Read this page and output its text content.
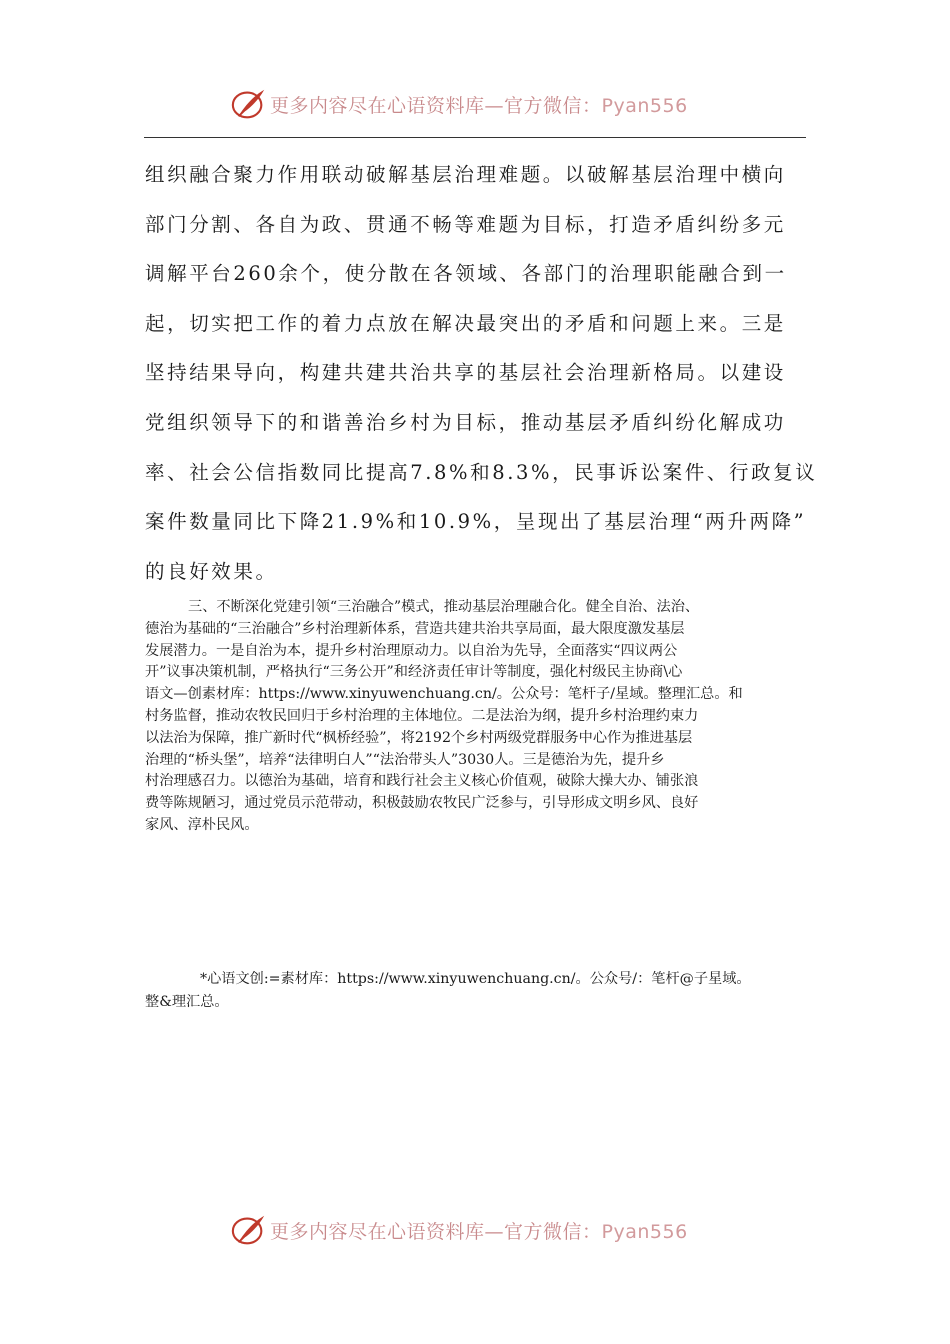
更多内容尽在心语资料库—官方微信：Pyan556

组织融合聚力作用联动破解基层治理难题。以破解基层治理中横向
部门分割、各自为政、贯通不畅等难题为目标，打造矛盾纠纷多元
调解平台260余个，使分散在各领域、各部门的治理职能融合到一
起，切实把工作的着力点放在解决最突出的矛盾和问题上来。三是
坚持结果导向，构建共建共治共享的基层社会治理新格局。以建设
党组织领导下的和谐善治乡村为目标，推动基层矛盾纠纷化解成功
率、社会公信指数同比提高7.8%和8.3%，民事诉讼案件、行政复议
案件数量同比下降21.9%和10.9%，呈现出了基层治理“两升两降”
的良好效果。

三、不断深化党建引领“三治融合”模式，推动基层治理融合化。健全自治、法治、
德治为基础的“三治融合”乡村治理新体系，营造共建共治共享局面，最大限度激发基层
发展潜力。一是自治为本，提升乡村治理原动力。以自治为先导，全面落实“四议两公
开”议事决策机制，严格执行“三务公开”和经济责任审计等制度，强化村级民主协商\心
语文—创素材库：https://www.xinyuwenchuang.cn/。公众号：笔杆子/星域。整理汇总。和
村务监督，推动农牧民回归于乡村治理的主体地位。二是法治为纲，提升乡村治理约束力
以法治为保障，推广新时代“枫桥经验”，将2192个乡村两级党群服务中心作为推进基层
治理的“桥头堡”，培养“法律明白人”“法治带头人”3030人。三是德治为先，提升乡
村治理感召力。以德治为基础，培育和践行社会主义核心价值观，破除大操大办、铺张浪
费等陈规陋习，通过党员示范带动，积极鼓励农牧民广泛参与，引导形成文明乡风、良好
家风、淳朴民风。

*心语文创:=素材库：https://www.xinyuwenchuang.cn/。公众号/：笔杆@子星域。
整&理汇总。

更多内容尽在心语资料库—官方微信：Pyan556
